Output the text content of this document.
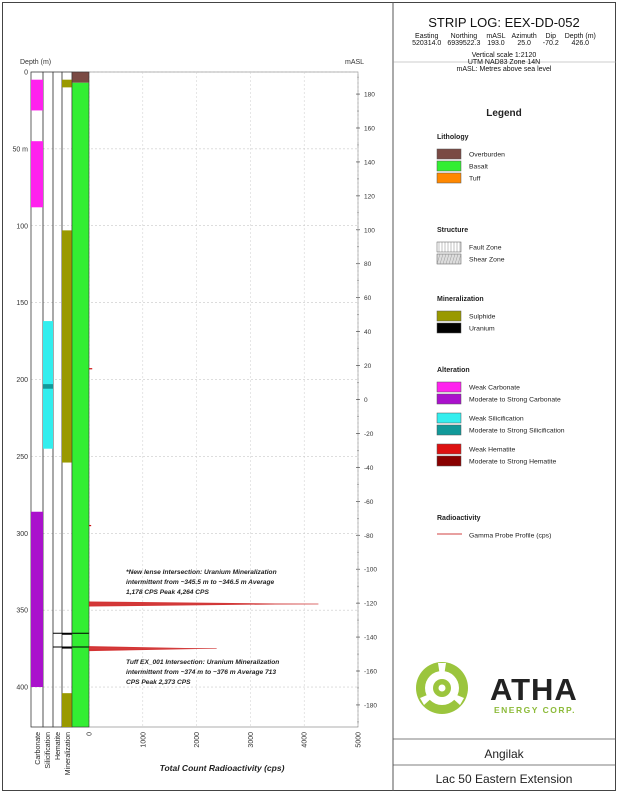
0
50 m
100
150
200
250
300
350
400
0	1000	2000	3000	4000	5000
180
160
140
120
100
80
60
40
20
0
-20
-40
-60
-80
-100
-120
-140
-160
-180
Depth (m)	mASL
Carbonate Silicification Hematite Mineralization	Total Count Radioactivity (cps)
*New lense Intersection: Uranium Mineralization
intermittent from ~345.5 m to ~346.5 m Average
1,178 CPS Peak 4,264 CPS
Tuff EX_001 Intersection: Uranium Mineralization
intermittent from ~374 m to ~376 m Average 713
CPS Peak 2,373 CPS
Legend
Lithology
Overburden
Basalt
Tuff
Structure
Fault Zone
Shear Zone
Mineralization
Sulphide
Uranium
Alteration
Weak Carbonate
Moderate to Strong Carbonate
Weak Silicification
Moderate to Strong Silicification
Weak Hematite
Moderate to Strong Hematite
Radioactivity
Gamma Probe Profile (cps)
ATHA
ENERGY CORP.
Angilak
Lac 50 Eastern Extension
STRIP LOG: EEX-DD-052
Easting
520314.0
Northing
6939522.3
mASL
193.0
Azimuth
25.0
Dip
-70.2
Depth (m)
426.0
Vertical scale 1:2120
UTM NAD83 Zone 14N
mASL: Metres above sea level
